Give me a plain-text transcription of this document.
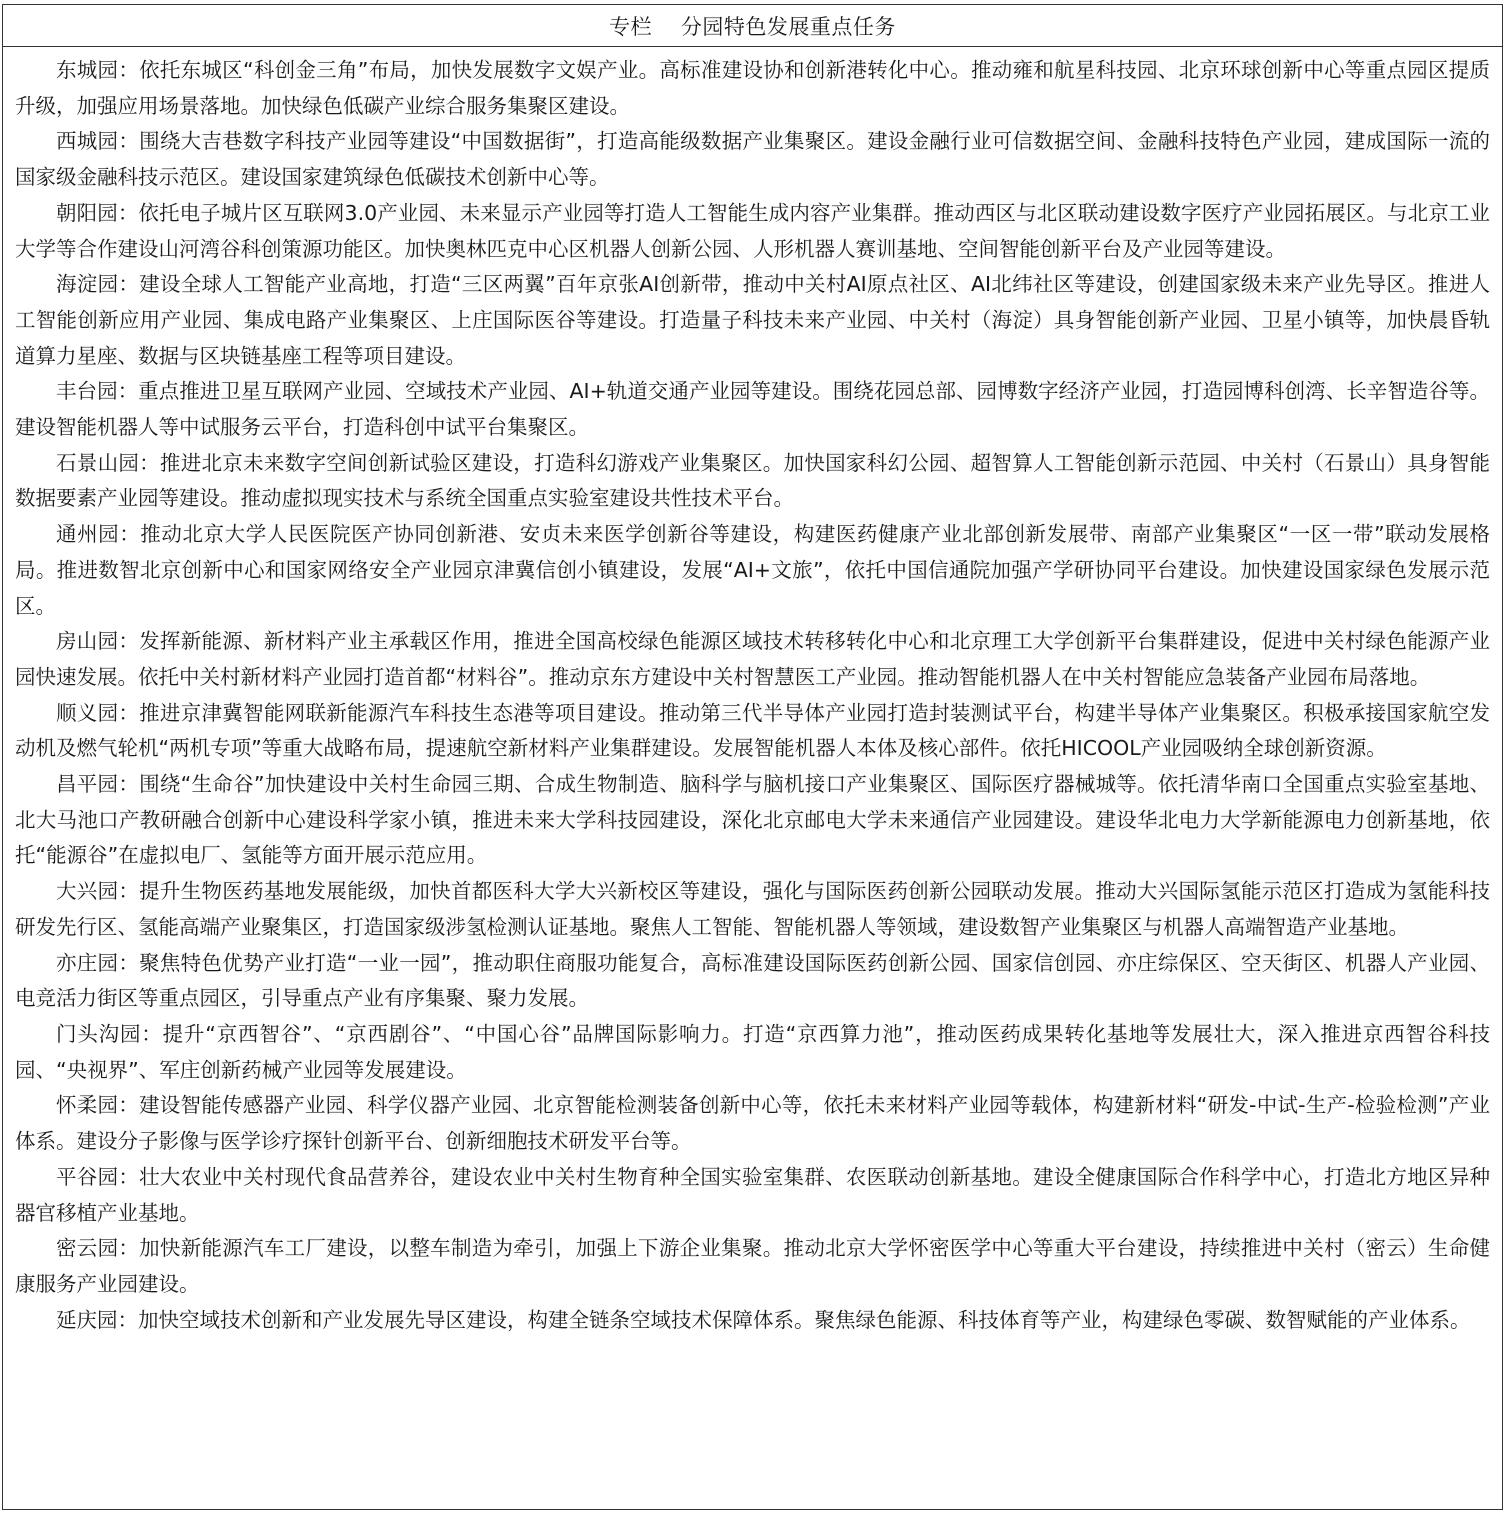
专栏    分园特色发展重点任务

东城园：依托东城区“科创金三角”布局，加快发展数字文娱产业。高标准建设协和创新港转化中心。推动雍和航星科技园、北京环球创新中心等重点园区提质升级，加强应用场景落地。加快绿色低碳产业综合服务集聚区建设。

西城园：围绕大吉巷数字科技产业园等建设“中国数据街”，打造高能级数据产业集聚区。建设金融行业可信数据空间、金融科技特色产业园，建成国际一流的国家级金融科技示范区。建设国家建筑绿色低碳技术创新中心等。

朝阳园：依托电子城片区互联网3.0产业园、未来显示产业园等打造人工智能生成内容产业集群。推动西区与北区联动建设数字医疗产业园拓展区。与北京工业大学等合作建设山河湾谷科创策源功能区。加快奥林匹克中心区机器人创新公园、人形机器人赛训基地、空间智能创新平台及产业园等建设。

海淀园：建设全球人工智能产业高地，打造“三区两翼”百年京张AI创新带，推动中关村AI原点社区、AI北纬社区等建设，创建国家级未来产业先导区。推进人工智能创新应用产业园、集成电路产业集聚区、上庄国际医谷等建设。打造量子科技未来产业园、中关村（海淀）具身智能创新产业园、卫星小镇等，加快晨昏轨道算力星座、数据与区块链基座工程等项目建设。

丰台园：重点推进卫星互联网产业园、空域技术产业园、AI+轨道交通产业园等建设。围绕花园总部、园博数字经济产业园，打造园博科创湾、长辛智造谷等。建设智能机器人等中试服务云平台，打造科创中试平台集聚区。

石景山园：推进北京未来数字空间创新试验区建设，打造科幻游戏产业集聚区。加快国家科幻公园、超智算人工智能创新示范园、中关村（石景山）具身智能数据要素产业园等建设。推动虚拟现实技术与系统全国重点实验室建设共性技术平台。

通州园：推动北京大学人民医院医产协同创新港、安贞未来医学创新谷等建设，构建医药健康产业北部创新发展带、南部产业集聚区“一区一带”联动发展格局。推进数智北京创新中心和国家网络安全产业园京津冀信创小镇建设，发展“AI+文旅”，依托中国信通院加强产学研协同平台建设。加快建设国家绿色发展示范区。

房山园：发挥新能源、新材料产业主承载区作用，推进全国高校绿色能源区域技术转移转化中心和北京理工大学创新平台集群建设，促进中关村绿色能源产业园快速发展。依托中关村新材料产业园打造首都“材料谷”。推动京东方建设中关村智慧医工产业园。推动智能机器人在中关村智能应急装备产业园布局落地。

顺义园：推进京津冀智能网联新能源汽车科技生态港等项目建设。推动第三代半导体产业园打造封装测试平台，构建半导体产业集聚区。积极承接国家航空发动机及燃气轮机“两机专项”等重大战略布局，提速航空新材料产业集群建设。发展智能机器人本体及核心部件。依托HICOOL产业园吸纳全球创新资源。

昌平园：围绕“生命谷”加快建设中关村生命园三期、合成生物制造、脑科学与脑机接口产业集聚区、国际医疗器械城等。依托清华南口全国重点实验室基地、北大马池口产教研融合创新中心建设科学家小镇，推进未来大学科技园建设，深化北京邮电大学未来通信产业园建设。建设华北电力大学新能源电力创新基地，依托“能源谷”在虚拟电厂、氢能等方面开展示范应用。

大兴园：提升生物医药基地发展能级，加快首都医科大学大兴新校区等建设，强化与国际医药创新公园联动发展。推动大兴国际氢能示范区打造成为氢能科技研发先行区、氢能高端产业聚集区，打造国家级涉氢检测认证基地。聚焦人工智能、智能机器人等领域，建设数智产业集聚区与机器人高端智造产业基地。

亦庄园：聚焦特色优势产业打造“一业一园”，推动职住商服功能复合，高标准建设国际医药创新公园、国家信创园、亦庄综保区、空天街区、机器人产业园、电竞活力街区等重点园区，引导重点产业有序集聚、聚力发展。

门头沟园：提升“京西智谷”、“京西剧谷”、“中国心谷”品牌国际影响力。打造“京西算力池”，推动医药成果转化基地等发展壮大，深入推进京西智谷科技园、“央视界”、军庄创新药械产业园等发展建设。

怀柔园：建设智能传感器产业园、科学仪器产业园、北京智能检测装备创新中心等，依托未来材料产业园等载体，构建新材料“研发-中试-生产-检验检测”产业体系。建设分子影像与医学诊疗探针创新平台、创新细胞技术研发平台等。

平谷园：壮大农业中关村现代食品营养谷，建设农业中关村生物育种全国实验室集群、农医联动创新基地。建设全健康国际合作科学中心，打造北方地区异种器官移植产业基地。

密云园：加快新能源汽车工厂建设，以整车制造为牵引，加强上下游企业集聚。推动北京大学怀密医学中心等重大平台建设，持续推进中关村（密云）生命健康服务产业园建设。

延庆园：加快空域技术创新和产业发展先导区建设，构建全链条空域技术保障体系。聚焦绿色能源、科技体育等产业，构建绿色零碳、数智赋能的产业体系。
